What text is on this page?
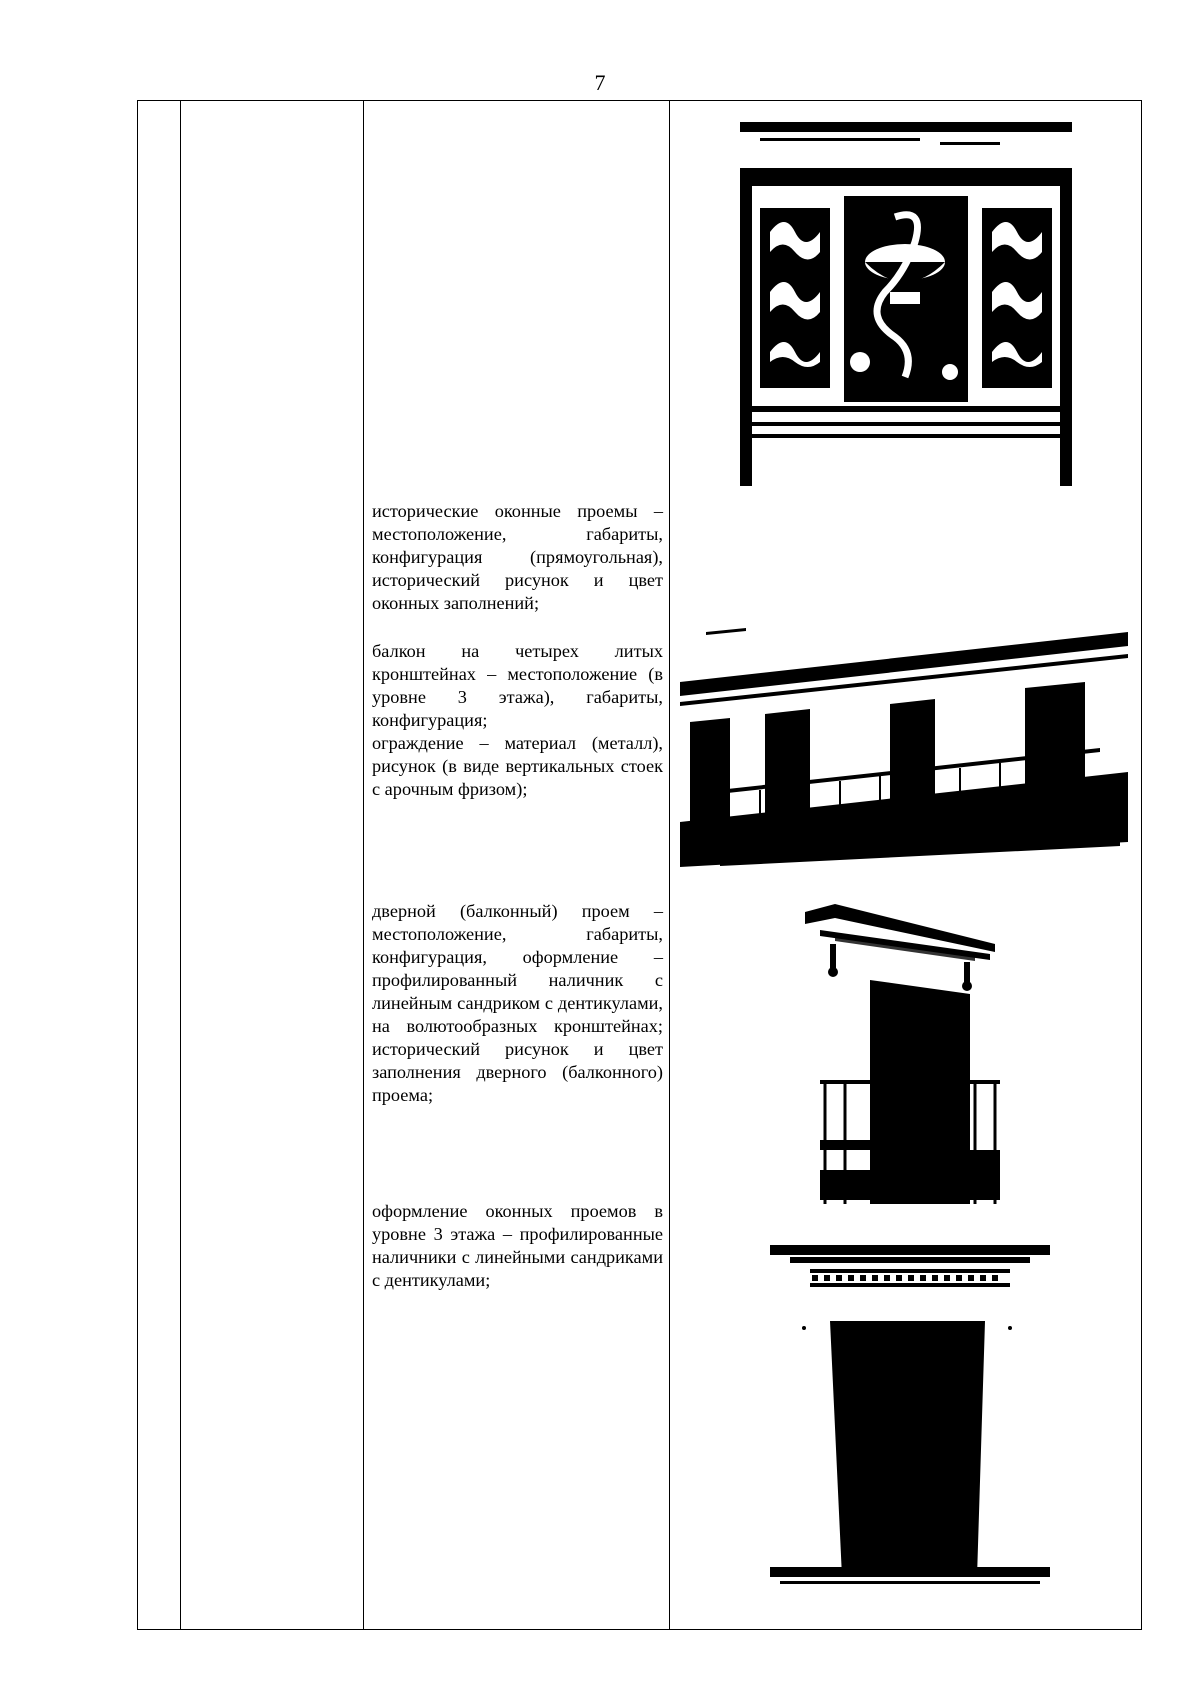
7

исторические оконные проемы – местоположение, габариты, конфигурация (прямоугольная), исторический рисунок и цвет оконных заполнений;

балкон на четырех литых кронштейнах – местоположение (в уровне 3 этажа), габариты, конфигурация;

ограждение – материал (металл), рисунок (в виде вертикальных стоек с арочным фризом);

дверной (балконный) проем – местоположение, габариты, конфигурация, оформление – профилированный наличник с линейным сандриком с дентикулами, на волютообразных кронштейнах; исторический рисунок и цвет заполнения дверного (балконного) проема;

оформление оконных проемов в уровне 3 этажа – профилированные наличники с линейными сандриками с дентикулами;
